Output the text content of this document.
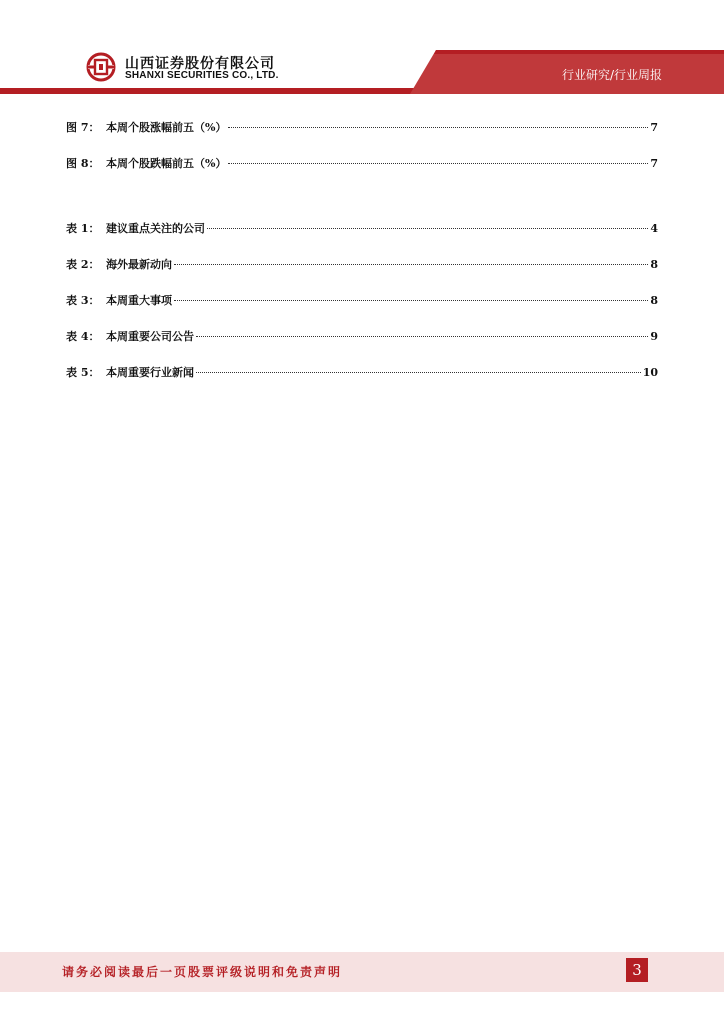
山西证券股份有限公司
SHANXI SECURITIES CO., LTD.	行业研究/行业周报
图 7： 本周个股涨幅前五（%）	7
图 8： 本周个股跌幅前五（%）	7
表 1： 建议重点关注的公司	4
表 2： 海外最新动向	8
表 3： 本周重大事项	8
表 4： 本周重要公司公告	9
表 5： 本周重要行业新闻	10
请务必阅读最后一页股票评级说明和免责声明	3
